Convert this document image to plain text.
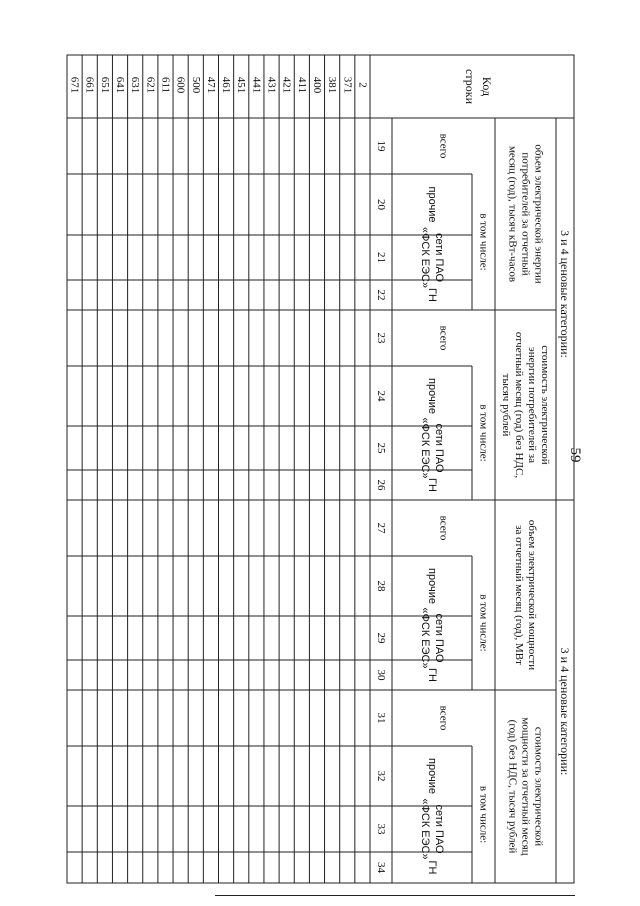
59
3 и 4 ценовые категории:
3 и 4 ценовые категории:
объем электрической энергии
потребителей за отчетный
месяц (год), тысяч кВт-часов
стоимость электрической
энергии потребителей за
отчетный месяц (год) без НДС,
тысяч рублей
объем электрической мощности
за отчетный месяц (год), МВт
стоимость электрической
мощности за отчетный месяц
(год) без НДС, тысяч рублей
Код
строки
всего
в том числе:
прочие
сети ПАО
«ФСК ЕЭС»
ГН
всего
в том числе:
прочие
сети ПАО
«ФСК ЕЭС»
ГН
всего
в том числе:
прочие
сети ПАО
«ФСК ЕЭС»
ГН
всего
в том числе:
прочие
сети ПАО
«ФСК ЕЭС»
ГН
19
20
21
22
23
24
25
26
27
28
29
30
31
32
33
34
2
371
381
400
411
421
431
441
451
461
471
500
600
611
621
631
641
651
661
671
